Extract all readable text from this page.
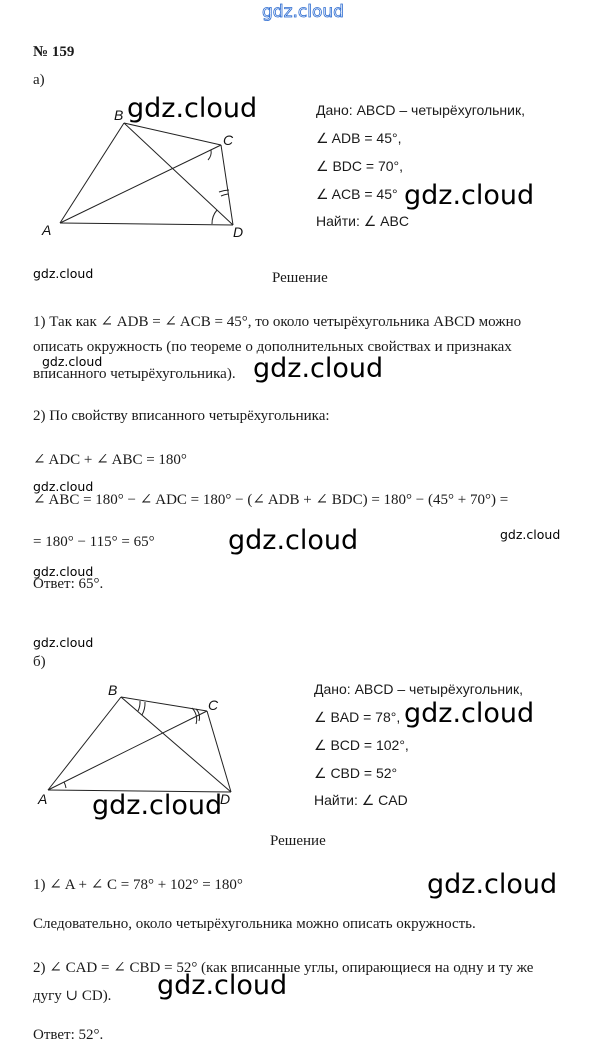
gdz.cloud
№ 159
а)
A
B
C
D
Дано: ABCD – четырёхугольник,
∠ ADB = 45°,
∠ BDC = 70°,
∠ ACB = 45°
Найти: ∠ ABC
Решение
1) Так как ∠ ADB = ∠ ACB = 45°, то около четырёхугольника ABCD можно
описать окружность (по теореме о дополнительных свойствах и признаках
вписанного четырёхугольника).
2) По свойству вписанного четырёхугольника:
∠ ADC + ∠ ABC = 180°
∠ ABC = 180° − ∠ ADC = 180° − (∠ ADB + ∠ BDC) = 180° − (45° + 70°) =
= 180° − 115° = 65°
Ответ: 65°.
б)
A
B
C
D
Дано: ABCD – четырёхугольник,
∠ BAD = 78°,
∠ BCD = 102°,
∠ CBD = 52°
Найти: ∠ CAD
Решение
1) ∠ A + ∠ C = 78° + 102° = 180°
Следовательно, около четырёхугольника можно описать окружность.
2) ∠ CAD = ∠ CBD = 52° (как вписанные углы, опирающиеся на одну и ту же
дугу ∪ CD).
Ответ: 52°.
gdz.cloud
gdz.cloud
gdz.cloud
gdz.cloud	gdz.cloud
gdz.cloud
gdz.cloud
gdz.cloud
gdz.cloud
gdz.cloud
gdz.cloud
gdz.cloud
gdz.cloud
gdz.cloud
